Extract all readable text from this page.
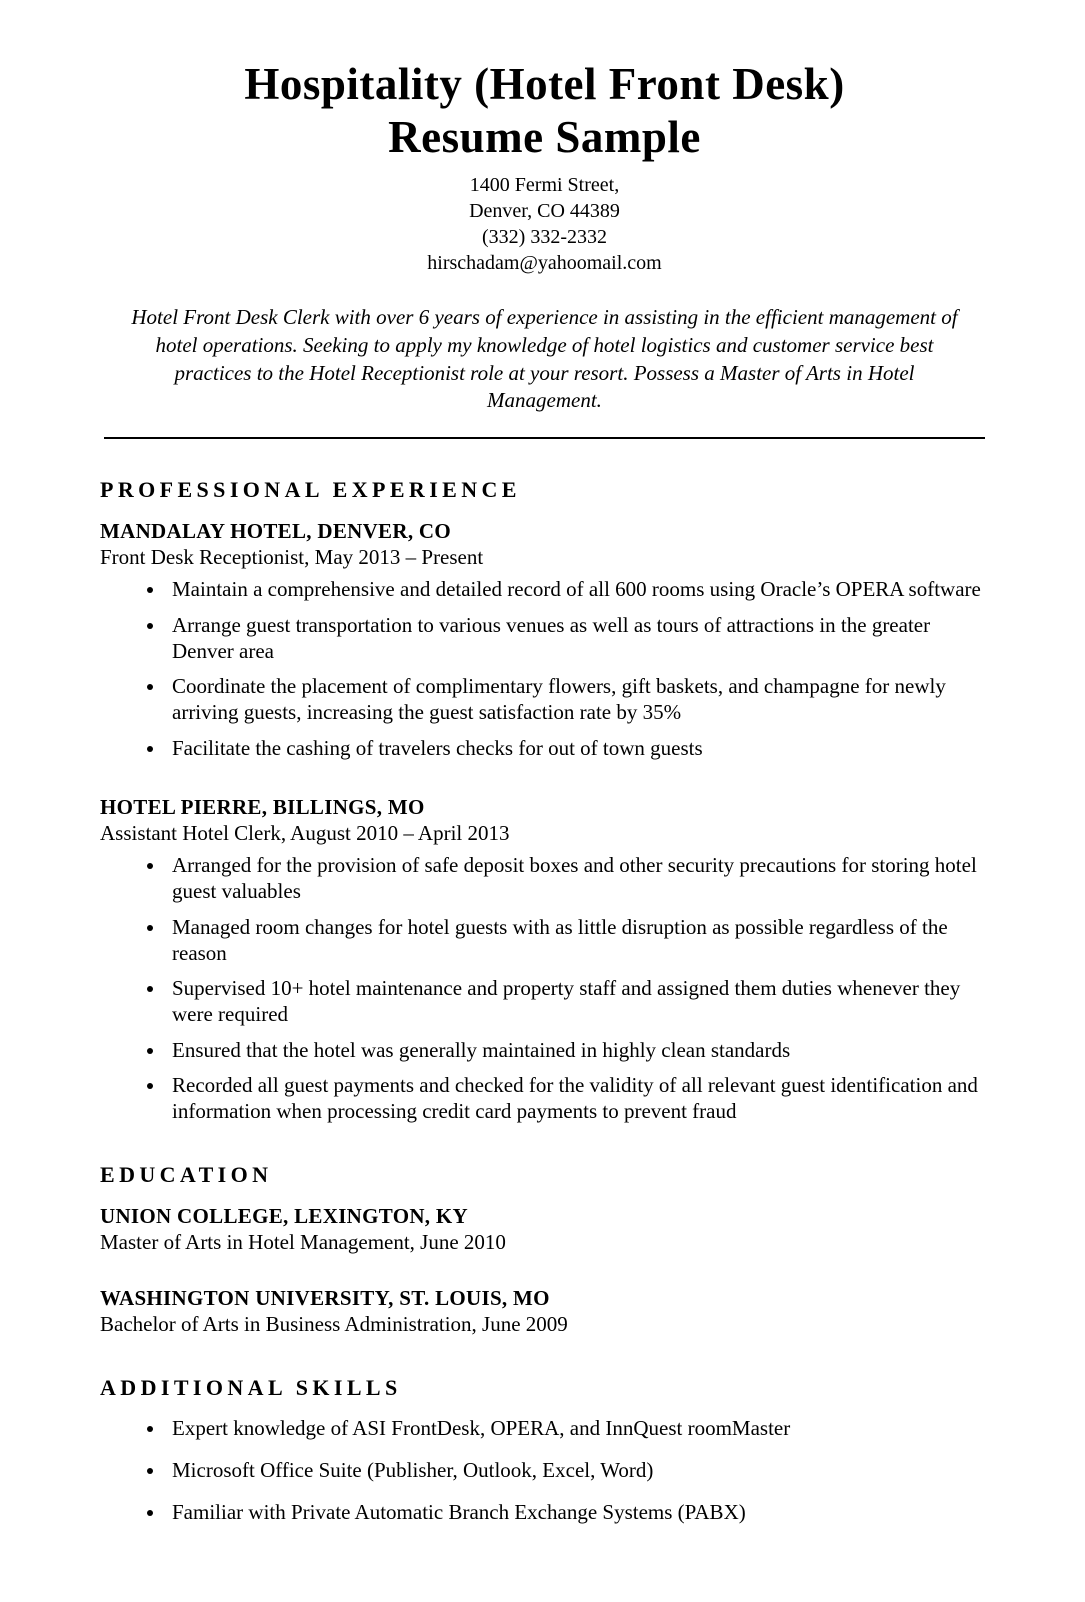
Hospitality (Hotel Front Desk)
Resume Sample
1400 Fermi Street,
Denver, CO 44389
(332) 332-2332
hirschadam@yahoomail.com

Hotel Front Desk Clerk with over 6 years of experience in assisting in the efficient management of hotel operations. Seeking to apply my knowledge of hotel logistics and customer service best practices to the Hotel Receptionist role at your resort. Possess a Master of Arts in Hotel Management.

PROFESSIONAL EXPERIENCE
MANDALAY HOTEL, DENVER, CO
Front Desk Receptionist, May 2013 – Present
• Maintain a comprehensive and detailed record of all 600 rooms using Oracle’s OPERA software
• Arrange guest transportation to various venues as well as tours of attractions in the greater Denver area
• Coordinate the placement of complimentary flowers, gift baskets, and champagne for newly arriving guests, increasing the guest satisfaction rate by 35%
• Facilitate the cashing of travelers checks for out of town guests
HOTEL PIERRE, BILLINGS, MO
Assistant Hotel Clerk, August 2010 – April 2013
• Arranged for the provision of safe deposit boxes and other security precautions for storing hotel guest valuables
• Managed room changes for hotel guests with as little disruption as possible regardless of the reason
• Supervised 10+ hotel maintenance and property staff and assigned them duties whenever they were required
• Ensured that the hotel was generally maintained in highly clean standards
• Recorded all guest payments and checked for the validity of all relevant guest identification and information when processing credit card payments to prevent fraud
EDUCATION
UNION COLLEGE, LEXINGTON, KY
Master of Arts in Hotel Management, June 2010
WASHINGTON UNIVERSITY, ST. LOUIS, MO
Bachelor of Arts in Business Administration, June 2009
ADDITIONAL SKILLS
• Expert knowledge of ASI FrontDesk, OPERA, and InnQuest roomMaster
• Microsoft Office Suite (Publisher, Outlook, Excel, Word)
• Familiar with Private Automatic Branch Exchange Systems (PABX)
